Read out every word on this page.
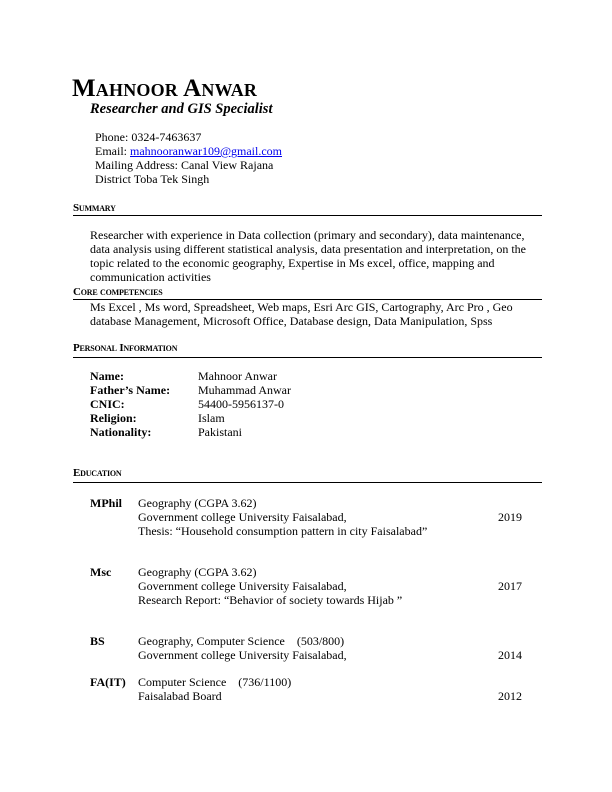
Mahnoor Anwar
Researcher and GIS Specialist
Phone: 0324-7463637
Email: mahnooranwar109@gmail.com
Mailing Address: Canal View Rajana
District Toba Tek Singh
Summary
Researcher with experience in Data collection (primary and secondary), data maintenance,
data analysis using different statistical analysis, data presentation and interpretation, on the
topic related to the economic geography, Expertise in Ms excel, office, mapping and
communication activities
Core competencies
Ms Excel , Ms word, Spreadsheet, Web maps, Esri Arc GIS, Cartography, Arc Pro , Geo
database Management, Microsoft Office, Database design, Data Manipulation, Spss
Personal Information
Name:	Mahnoor Anwar
Father’s Name: Muhammad Anwar
CNIC:	54400-5956137-0
Religion:	Islam
Nationality:	Pakistani
Education
MPhil Geography (CGPA 3.62)
Government college University Faisalabad,	2019
Thesis: “Household consumption pattern in city Faisalabad”
Msc Geography (CGPA 3.62)
Government college University Faisalabad,	2017
Research Report: “Behavior of society towards Hijab ”
BS	Geography, Computer Science    (503/800)
Government college University Faisalabad,	2014
FA(IT) Computer Science    (736/1100)
Faisalabad Board	2012
